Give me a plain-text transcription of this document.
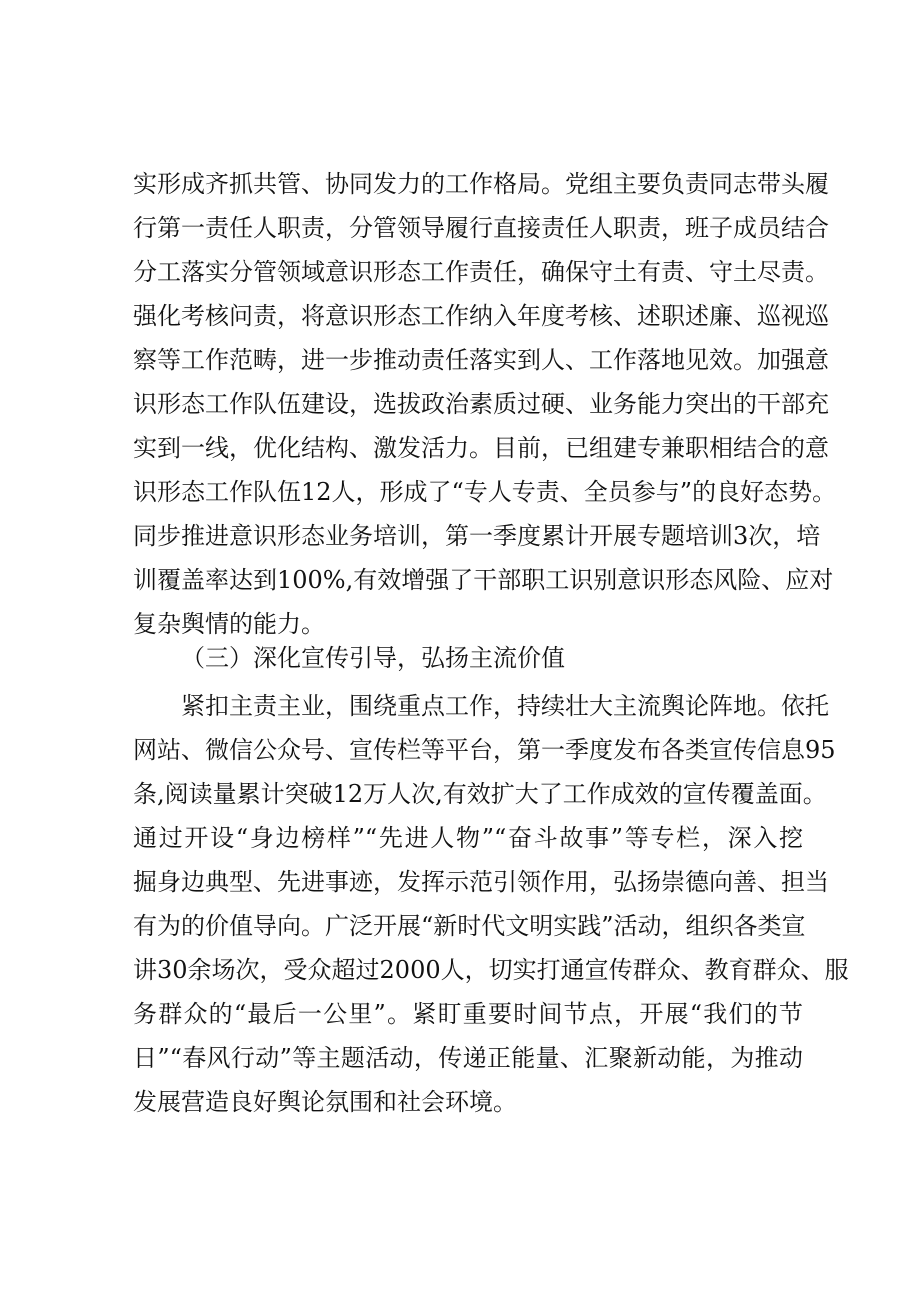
实形成齐抓共管、协同发力的工作格局。党组主要负责同志带头履
行第一责任人职责，分管领导履行直接责任人职责，班子成员结合
分工落实分管领域意识形态工作责任，确保守土有责、守土尽责。
强化考核问责，将意识形态工作纳入年度考核、述职述廉、巡视巡
察等工作范畴，进一步推动责任落实到人、工作落地见效。加强意
识形态工作队伍建设，选拔政治素质过硬、业务能力突出的干部充
实到一线，优化结构、激发活力。目前，已组建专兼职相结合的意
识形态工作队伍12人，形成了“专人专责、全员参与”的良好态势。
同步推进意识形态业务培训，第一季度累计开展专题培训3次，培
训覆盖率达到100%,有效增强了干部职工识别意识形态风险、应对
复杂舆情的能力。
（三）深化宣传引导，弘扬主流价值
紧扣主责主业，围绕重点工作，持续壮大主流舆论阵地。依托
网站、微信公众号、宣传栏等平台，第一季度发布各类宣传信息95
条,阅读量累计突破12万人次,有效扩大了工作成效的宣传覆盖面。
通过开设“身边榜样”“先进人物”“奋斗故事”等专栏，深入挖
掘身边典型、先进事迹，发挥示范引领作用，弘扬崇德向善、担当
有为的价值导向。广泛开展“新时代文明实践”活动，组织各类宣
讲30余场次，受众超过2000人，切实打通宣传群众、教育群众、服
务群众的“最后一公里”。紧盯重要时间节点，开展“我们的节
日”“春风行动”等主题活动，传递正能量、汇聚新动能，为推动
发展营造良好舆论氛围和社会环境。
